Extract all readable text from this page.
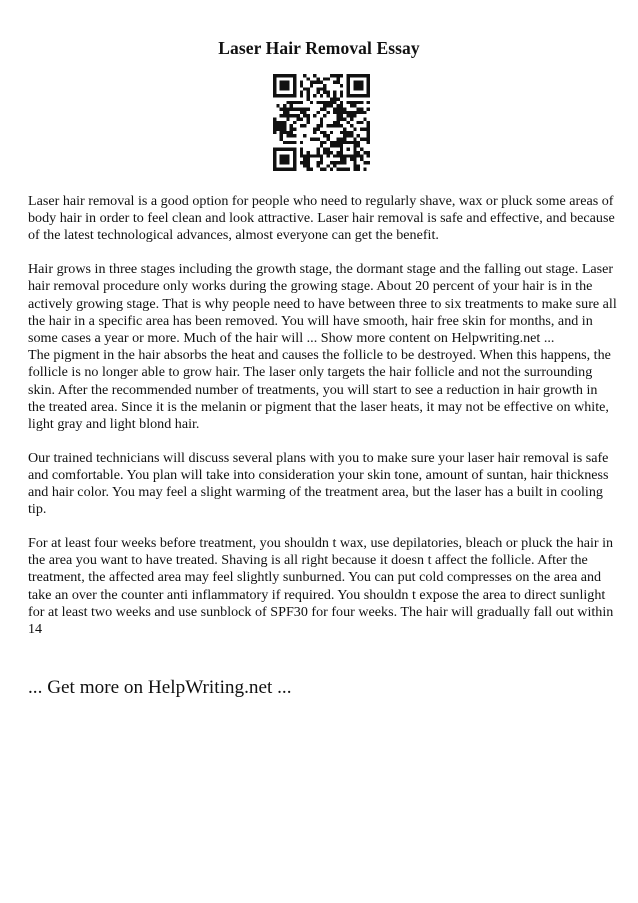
Laser Hair Removal Essay

Laser hair removal is a good option for people who need to regularly shave, wax or pluck some areas of body hair in order to feel clean and look attractive. Laser hair removal is safe and effective, and because of the latest technological advances, almost everyone can get the benefit.

Hair grows in three stages including the growth stage, the dormant stage and the falling out stage. Laser hair removal procedure only works during the growing stage. About 20 percent of your hair is in the actively growing stage. That is why people need to have between three to six treatments to make sure all the hair in a specific area has been removed. You will have smooth, hair free skin for months, and in some cases a year or more. Much of the hair will ... Show more content on Helpwriting.net ...

The pigment in the hair absorbs the heat and causes the follicle to be destroyed. When this happens, the follicle is no longer able to grow hair. The laser only targets the hair follicle and not the surrounding skin. After the recommended number of treatments, you will start to see a reduction in hair growth in the treated area. Since it is the melanin or pigment that the laser heats, it may not be effective on white, light gray and light blond hair.

Our trained technicians will discuss several plans with you to make sure your laser hair removal is safe and comfortable. You plan will take into consideration your skin tone, amount of suntan, hair thickness and hair color. You may feel a slight warming of the treatment area, but the laser has a built in cooling tip.

For at least four weeks before treatment, you shouldn t wax, use depilatories, bleach or pluck the hair in the area you want to have treated. Shaving is all right because it doesn t affect the follicle. After the treatment, the affected area may feel slightly sunburned. You can put cold compresses on the area and take an over the counter anti inflammatory if required. You shouldn t expose the area to direct sunlight for at least two weeks and use sunblock of SPF30 for four weeks. The hair will gradually fall out within 14

... Get more on HelpWriting.net ...
